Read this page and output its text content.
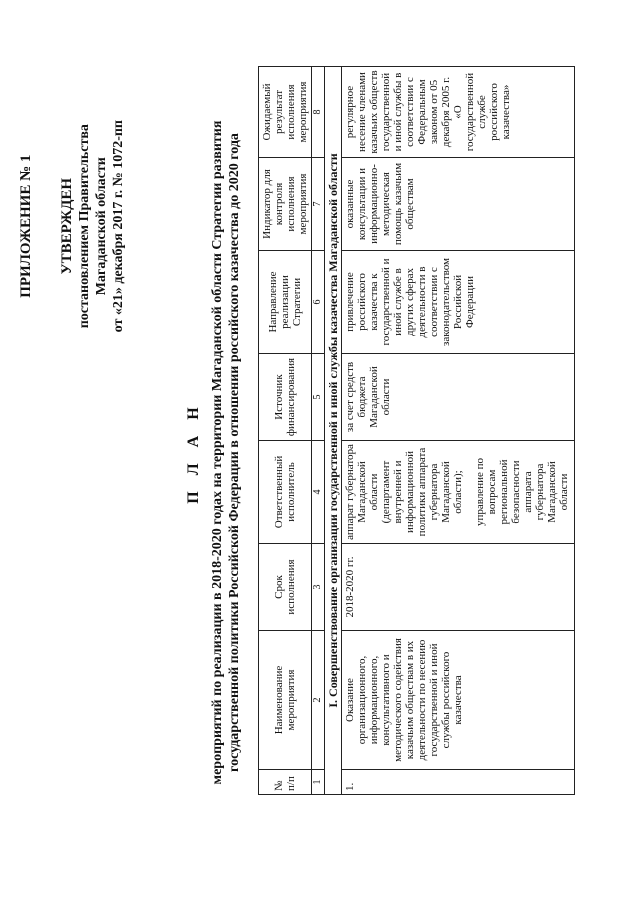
ПРИЛОЖЕНИЕ № 1 УТВЕРЖДЕН постановлением Правительства Магаданской области от «21» декабря 2017 г. № 1072-пп
П Л А Н мероприятий по реализации в 2018-2020 годах на территории Магаданской области Стратегии развития государственной политики Российской Федерации в отношении российского казачества до 2020 года
№ п/п	Наименование мероприятия	Срок исполнения	Ответственный исполнитель	Источник финансирования	Направление реализации Стратегии	Индикатор для контроля исполнения мероприятия	Ожидаемый результат исполнения мероприятия
1	2	3	4	5	6	7	8
I. Совершенствование организации государственной и иной службы казачества Магаданской области							
1.	Оказание организационного, информационного, консультативного и методического содействия казачьим обществам в их деятельности по несению государственной и иной службы российского казачества	2018-2020 гг.	аппарат губернатора Магаданской области (департамент внутренней и информационной политики аппарата губернатора Магаданской области); управление по вопросам региональной безопасности аппарата губернатора Магаданской области	за счет средств бюджета Магаданской области	привлечение российского казачества к государственной и иной службе в других сферах деятельности в соответствии с законодательством Российской Федерации	оказанные консультации и информационно-методическая помощь казачьим обществам	регулярное несение членами казачьих обществ государственной и иной службы в соответствии с Федеральным законом от 05 декабря 2005 г. «О государственной службе российского казачества»
